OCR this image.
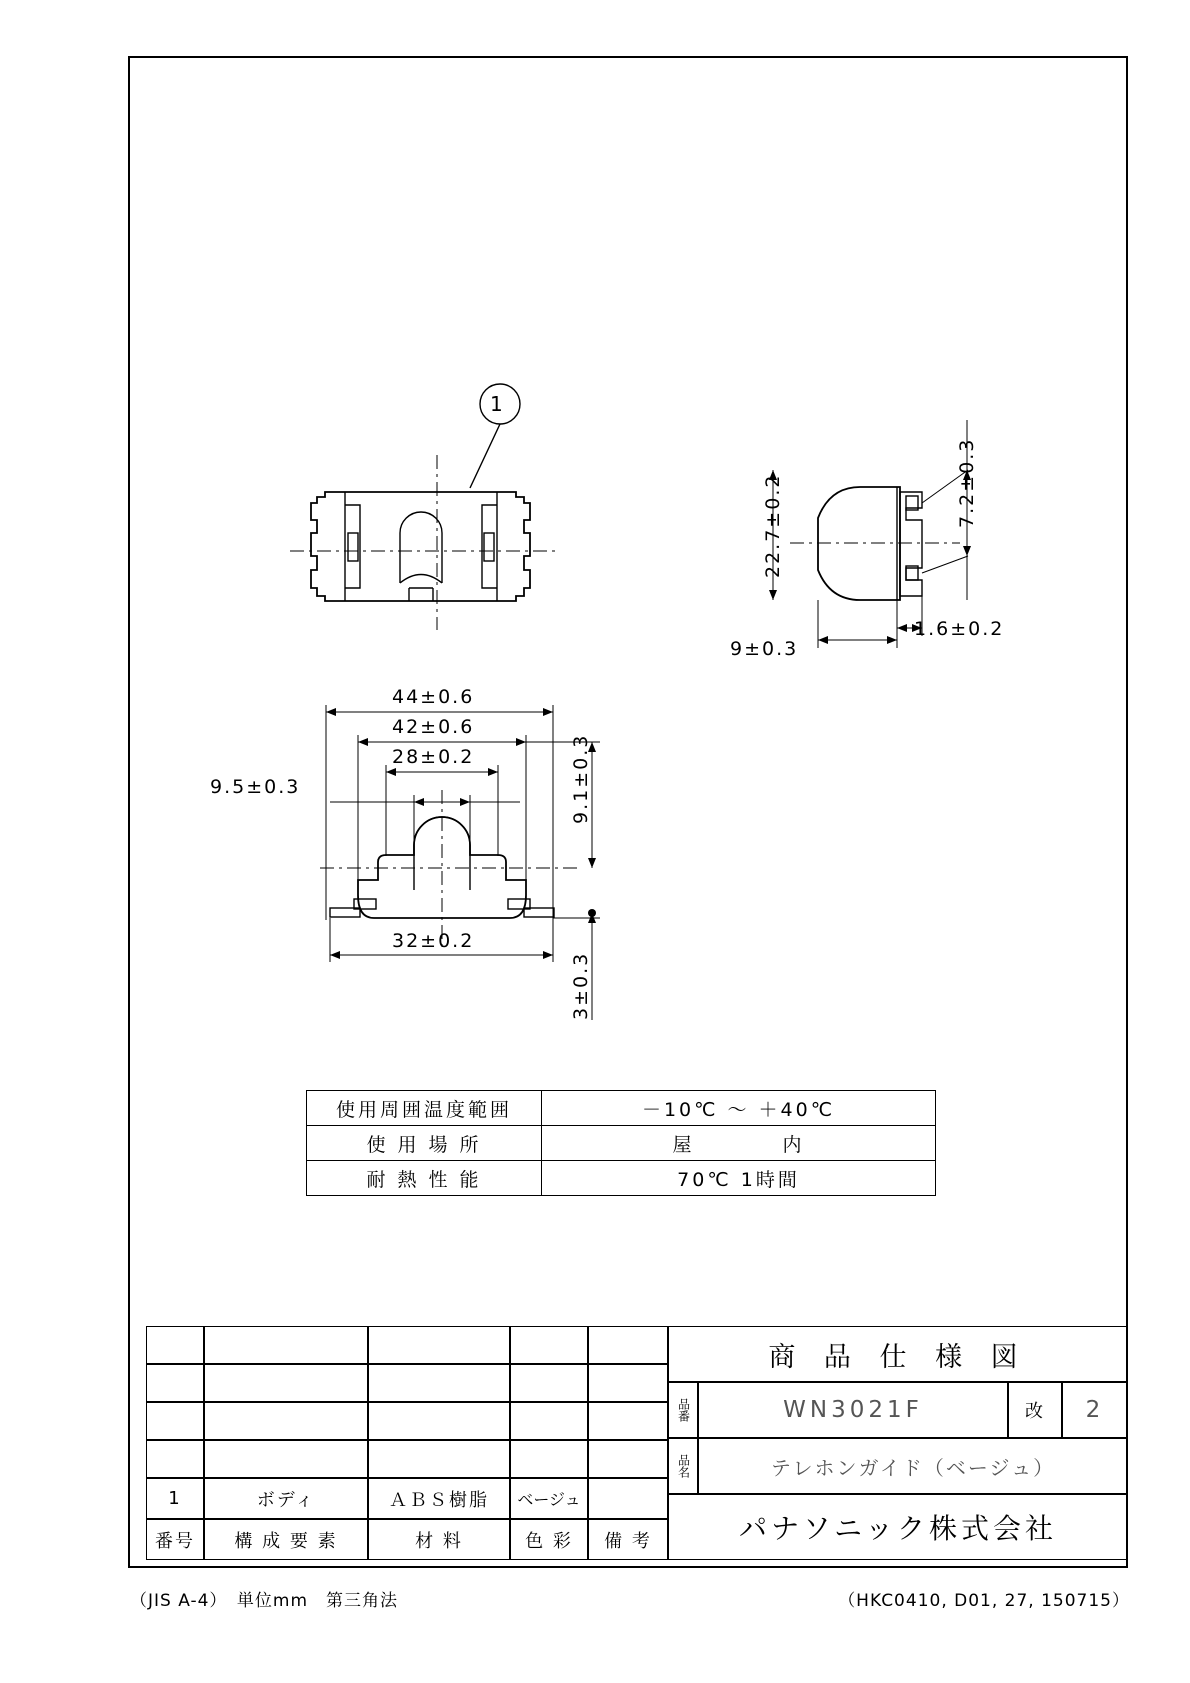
1
22.7±0.2	7.2±0.3
9±0.3
1.6±0.2
44±0.6
42±0.6
28±0.2
9.5±0.3
32±0.2
9.1±0.3
3±0.3
使用周囲温度範囲	－10℃ ～ ＋40℃
使 用 場 所	屋　　　　内
耐 熱 性 能	70℃ 1時間
1	ボディ	ＡＢＳ樹脂	ベージュ
番号	構 成 要 素	材 料	色 彩	備 考
商 品 仕 様 図
品番	WN3021F	改	2
品名	テレホンガイド（ベージュ）
パナソニック株式会社
（JIS A-4）　単位mm　第三角法	（HKC0410, D01, 27, 150715）
